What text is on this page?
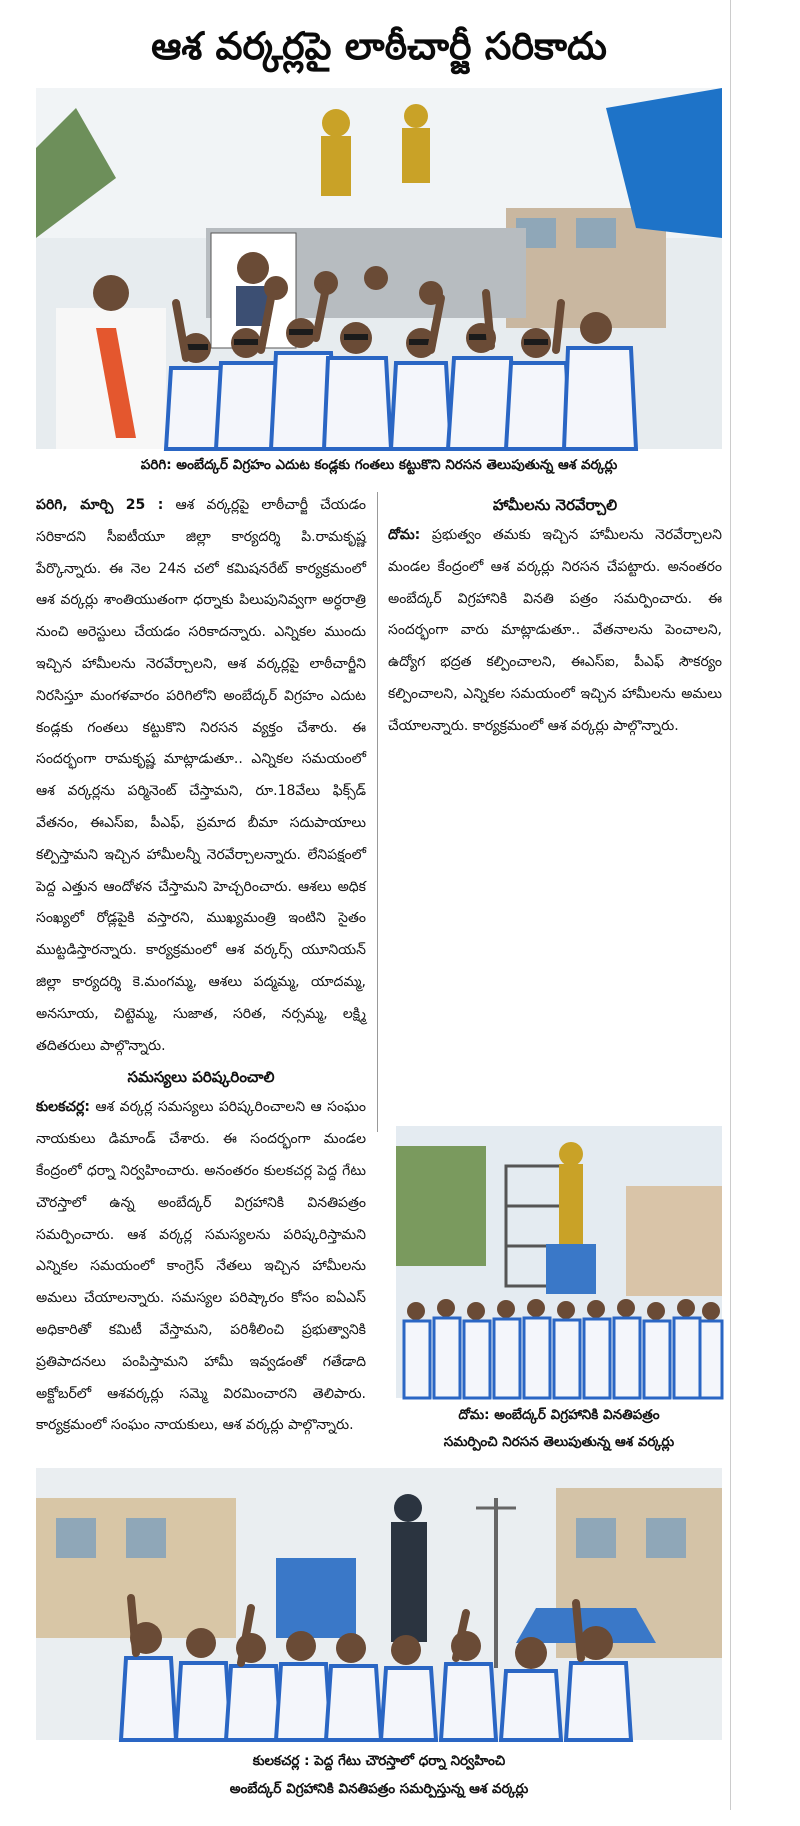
ఆశ వర్కర్లపై లాఠీచార్జీ సరికాదు
పరిగి: అంబేద్కర్ విగ్రహం ఎదుట కండ్లకు గంతలు కట్టుకొని నిరసన తెలుపుతున్న ఆశ వర్కర్లు

పరిగి, మార్చి 25 : ఆశ వర్కర్లపై లాఠీచార్జీ చేయడం సరికాదని సీఐటీయూ జిల్లా కార్యదర్శి పి.రామకృష్ణ పేర్కొన్నారు. ఈ నెల 24న చలో కమిషనరేట్ కార్యక్రమంలో ఆశ వర్కర్లు శాంతియుతంగా ధర్నాకు పిలుపునివ్వగా అర్ధరాత్రి నుంచి అరెస్టులు చేయడం సరికాదన్నారు. ఎన్నికల ముందు ఇచ్చిన హామీలను నెరవేర్చాలని, ఆశ వర్కర్లపై లాఠీచార్జీని నిరసిస్తూ మంగళవారం పరిగిలోని అంబేద్కర్ విగ్రహం ఎదుట కండ్లకు గంతలు కట్టుకొని నిరసన వ్యక్తం చేశారు. ఈ సందర్భంగా రామకృష్ణ మాట్లాడుతూ.. ఎన్నికల సమయంలో ఆశ వర్కర్లను పర్మినెంట్ చేస్తామని, రూ.18వేలు ఫిక్స్‌డ్ వేతనం, ఈఎస్ఐ, పీఎఫ్, ప్రమాద బీమా సదుపాయాలు కల్పిస్తామని ఇచ్చిన హామీలన్నీ నెరవేర్చాలన్నారు. లేనిపక్షంలో పెద్ద ఎత్తున ఆందోళన చేస్తామని హెచ్చరించారు. ఆశలు అధిక సంఖ్యలో రోడ్లపైకి వస్తారని, ముఖ్యమంత్రి ఇంటిని సైతం ముట్టడిస్తారన్నారు. కార్యక్రమంలో ఆశ వర్కర్స్ యూనియన్ జిల్లా కార్యదర్శి కె.మంగమ్మ, ఆశలు పద్మమ్మ, యాదమ్మ, అనసూయ, చిట్టెమ్మ, సుజాత, సరిత, నర్సమ్మ, లక్ష్మి తదితరులు పాల్గొన్నారు.

సమస్యలు పరిష్కరించాలి

కులకచర్ల: ఆశ వర్కర్ల సమస్యలు పరిష్కరించాలని ఆ సంఘం నాయకులు డిమాండ్ చేశారు. ఈ సందర్భంగా మండల కేంద్రంలో ధర్నా నిర్వహించారు. అనంతరం కులకచర్ల పెద్ద గేటు చౌరస్తాలో ఉన్న అంబేద్కర్ విగ్రహానికి వినతిపత్రం సమర్పించారు. ఆశ వర్కర్ల సమస్యలను పరిష్కరిస్తామని ఎన్నికల సమయంలో కాంగ్రెస్ నేతలు ఇచ్చిన హామీలను అమలు చేయాలన్నారు. సమస్యల పరిష్కారం కోసం ఐఏఎస్ అధికారితో కమిటీ వేస్తామని, పరిశీలించి ప్రభుత్వానికి ప్రతిపాదనలు పంపిస్తామని హామీ ఇవ్వడంతో గతేడాది అక్టోబర్‌లో ఆశవర్కర్లు సమ్మె విరమించారని తెలిపారు. కార్యక్రమంలో సంఘం నాయకులు, ఆశ వర్కర్లు పాల్గొన్నారు.

హామీలను నెరవేర్చాలి

దోమ: ప్రభుత్వం తమకు ఇచ్చిన హామీలను నెరవేర్చాలని మండల కేంద్రంలో ఆశ వర్కర్లు నిరసన చేపట్టారు. అనంతరం అంబేద్కర్ విగ్రహానికి వినతి పత్రం సమర్పించారు. ఈ సందర్భంగా వారు మాట్లాడుతూ.. వేతనాలను పెంచాలని, ఉద్యోగ భద్రత కల్పించాలని, ఈఎస్ఐ, పీఎఫ్ సౌకర్యం కల్పించాలని, ఎన్నికల సమయంలో ఇచ్చిన హామీలను అమలు చేయాలన్నారు. కార్యక్రమంలో ఆశ వర్కర్లు పాల్గొన్నారు.

దోమ: అంబేద్కర్ విగ్రహానికి వినతిపత్రం
సమర్పించి నిరసన తెలుపుతున్న ఆశ వర్కర్లు
కులకచర్ల : పెద్ద గేటు చౌరస్తాలో ధర్నా నిర్వహించి
అంబేద్కర్ విగ్రహానికి వినతిపత్రం సమర్పిస్తున్న ఆశ వర్కర్లు
